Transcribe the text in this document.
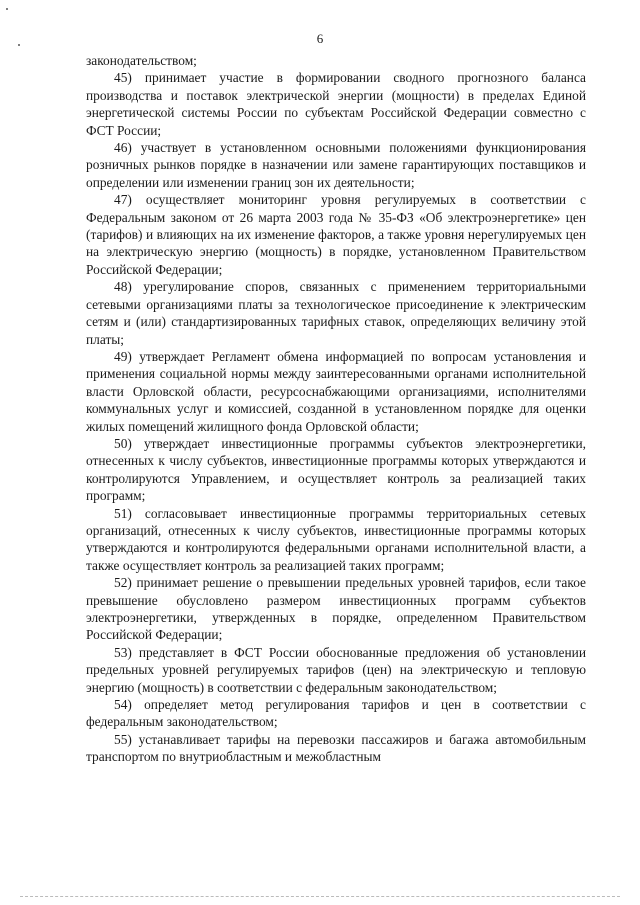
6

законодательством;

45) принимает участие в формировании сводного прогнозного баланса производства и поставок электрической энергии (мощности) в пределах Единой энергетической системы России по субъектам Российской Федерации совместно с ФСТ России;

46) участвует в установленном основными положениями функционирования розничных рынков порядке в назначении или замене гарантирующих поставщиков и определении или изменении границ зон их деятельности;

47) осуществляет мониторинг уровня регулируемых в соответствии с Федеральным законом от 26 марта 2003 года № 35-ФЗ «Об электроэнергетике» цен (тарифов) и влияющих на их изменение факторов, а также уровня нерегулируемых цен на электрическую энергию (мощность) в порядке, установленном Правительством Российской Федерации;

48) урегулирование споров, связанных с применением территориальными сетевыми организациями платы за технологическое присоединение к электрическим сетям и (или) стандартизированных тарифных ставок, определяющих величину этой платы;

49) утверждает Регламент обмена информацией по вопросам установления и применения социальной нормы между заинтересованными органами исполнительной власти Орловской области, ресурсоснабжающими организациями, исполнителями коммунальных услуг и комиссией, созданной в установленном порядке для оценки жилых помещений жилищного фонда Орловской области;

50) утверждает инвестиционные программы субъектов электроэнергетики, отнесенных к числу субъектов, инвестиционные программы которых утверждаются и контролируются Управлением, и осуществляет контроль за реализацией таких программ;

51) согласовывает инвестиционные программы территориальных сетевых организаций, отнесенных к числу субъектов, инвестиционные программы которых утверждаются и контролируются федеральными органами исполнительной власти, а также осуществляет контроль за реализацией таких программ;

52) принимает решение о превышении предельных уровней тарифов, если такое превышение обусловлено размером инвестиционных программ субъектов электроэнергетики, утвержденных в порядке, определенном Правительством Российской Федерации;

53) представляет в ФСТ России обоснованные предложения об установлении предельных уровней регулируемых тарифов (цен) на электрическую и тепловую энергию (мощность) в соответствии с федеральным законодательством;

54) определяет метод регулирования тарифов и цен в соответствии с федеральным законодательством;

55) устанавливает тарифы на перевозки пассажиров и багажа автомобильным транспортом по внутриобластным и межобластным
